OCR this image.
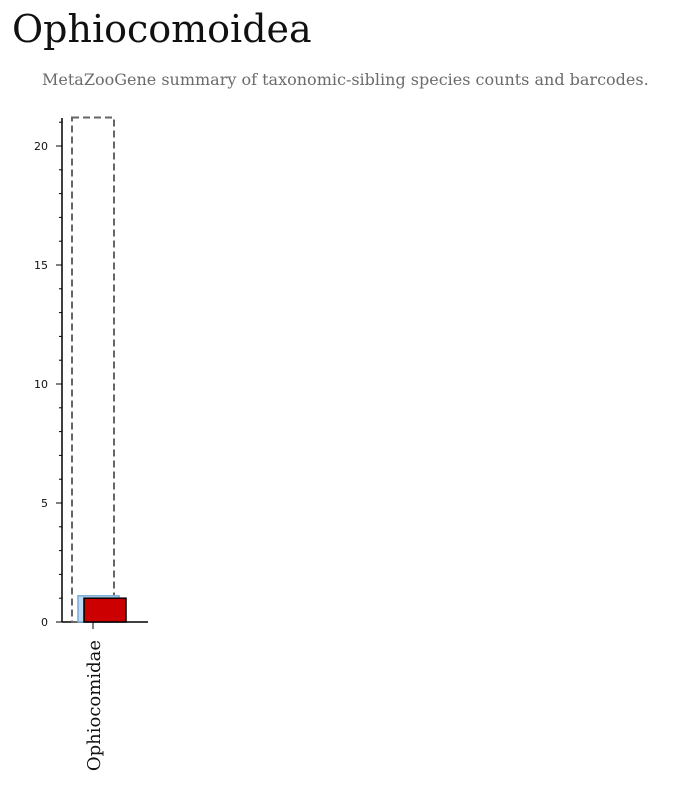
Ophiocomoidea

MetaZooGene summary of taxonomic-sibling species counts and barcodes.

0
5
10
15
20
Ophiocomidae
